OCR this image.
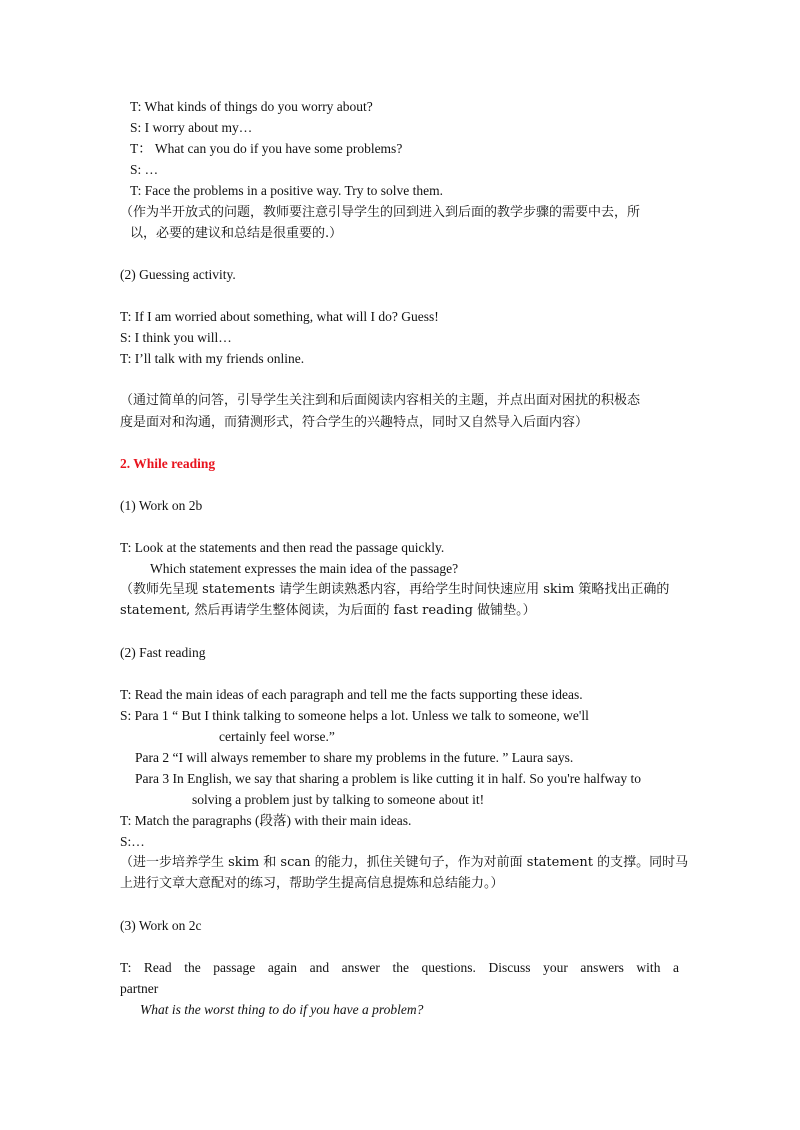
T: What kinds of things do you worry about?
S: I worry about my…
T： What can you do if you have some problems?
S: …
T: Face the problems in a positive way. Try to solve them.
（作为半开放式的问题，教师要注意引导学生的回到进入到后面的教学步骤的需要中去，所
以，必要的建议和总结是很重要的.）
(2) Guessing activity.
T: If I am worried about something, what will I do? Guess!
S: I think you will…
T: I’ll talk with my friends online.
（通过简单的问答，引导学生关注到和后面阅读内容相关的主题，并点出面对困扰的积极态
度是面对和沟通，而猜测形式，符合学生的兴趣特点，同时又自然导入后面内容）
2. While reading
(1) Work on 2b
T: Look at the statements and then read the passage quickly.
Which statement expresses the main idea of the passage?
（教师先呈现 statements 请学生朗读熟悉内容，再给学生时间快速应用 skim 策略找出正确的
statement, 然后再请学生整体阅读，为后面的 fast reading 做铺垫。）
(2) Fast reading
T: Read the main ideas of each paragraph and tell me the facts supporting these ideas.
S: Para 1 “ But I think talking to someone helps a lot. Unless we talk to someone, we'll
certainly feel worse.”
Para 2 “I will always remember to share my problems in the future. ” Laura says.
Para 3 In English, we say that sharing a problem is like cutting it in half. So you're halfway to
solving a problem just by talking to someone about it!
T: Match the paragraphs (段落) with their main ideas.
S:…
（进一步培养学生 skim 和 scan 的能力，抓住关键句子，作为对前面 statement 的支撑。同时马
上进行文章大意配对的练习，帮助学生提高信息提炼和总结能力。）
(3) Work on 2c
T: Read the passage again and answer the questions. Discuss your answers with a
partner
What is the worst thing to do if you have a problem?
